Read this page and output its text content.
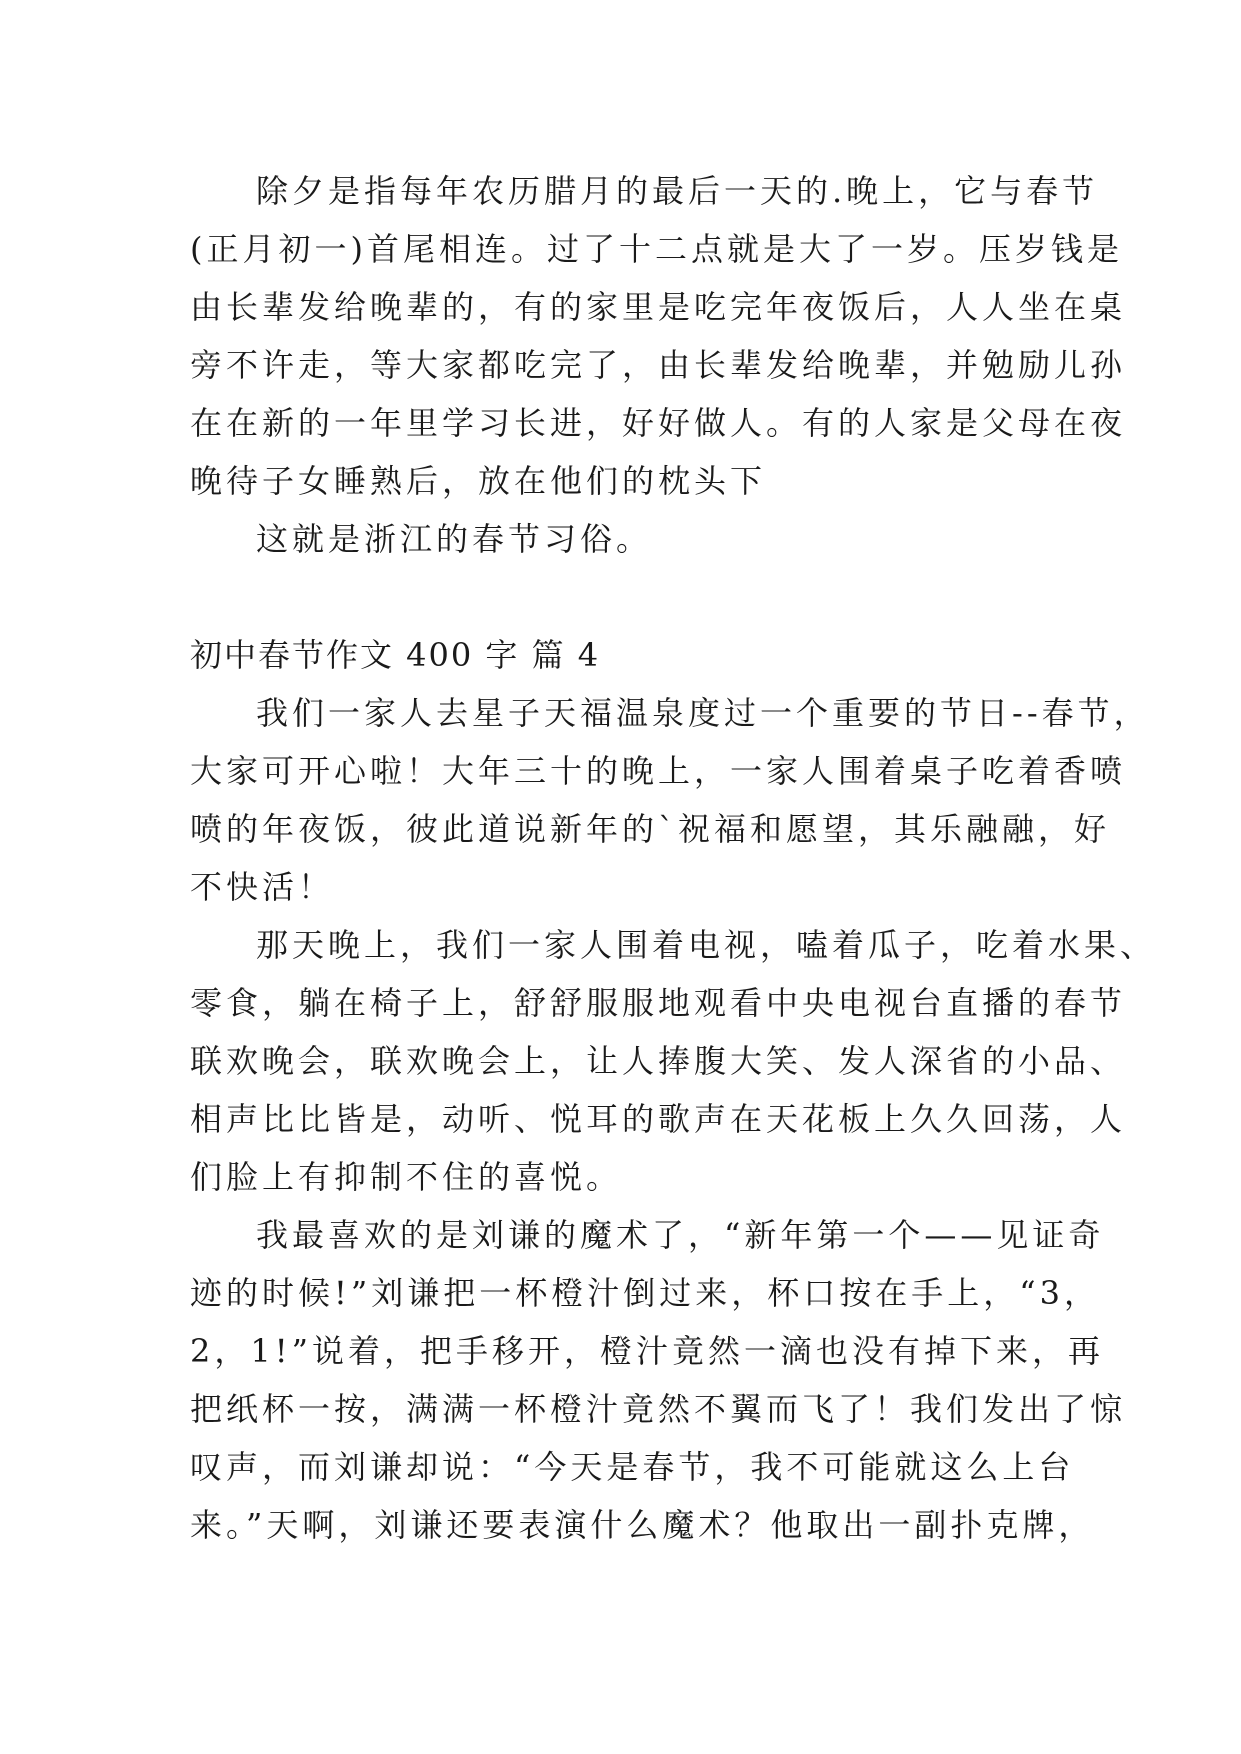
除夕是指每年农历腊月的最后一天的.晚上，它与春节
(正月初一)首尾相连。过了十二点就是大了一岁。压岁钱是
由长辈发给晚辈的，有的家里是吃完年夜饭后，人人坐在桌
旁不许走，等大家都吃完了，由长辈发给晚辈，并勉励儿孙
在在新的一年里学习长进，好好做人。有的人家是父母在夜
晚待子女睡熟后，放在他们的枕头下
这就是浙江的春节习俗。
初中春节作文 400 字 篇 4
我们一家人去星子天福温泉度过一个重要的节日--春节，
大家可开心啦！大年三十的晚上，一家人围着桌子吃着香喷
喷的年夜饭，彼此道说新年的`祝福和愿望，其乐融融，好
不快活！
那天晚上，我们一家人围着电视，嗑着瓜子，吃着水果、
零食，躺在椅子上，舒舒服服地观看中央电视台直播的春节
联欢晚会，联欢晚会上，让人捧腹大笑、发人深省的小品、
相声比比皆是，动听、悦耳的歌声在天花板上久久回荡，人
们脸上有抑制不住的喜悦。
我最喜欢的是刘谦的魔术了，“新年第一个——见证奇
迹的时候!”刘谦把一杯橙汁倒过来，杯口按在手上，“3，
2，1!”说着，把手移开，橙汁竟然一滴也没有掉下来，再
把纸杯一按，满满一杯橙汁竟然不翼而飞了！我们发出了惊
叹声，而刘谦却说：“今天是春节，我不可能就这么上台
来。”天啊，刘谦还要表演什么魔术？他取出一副扑克牌，
